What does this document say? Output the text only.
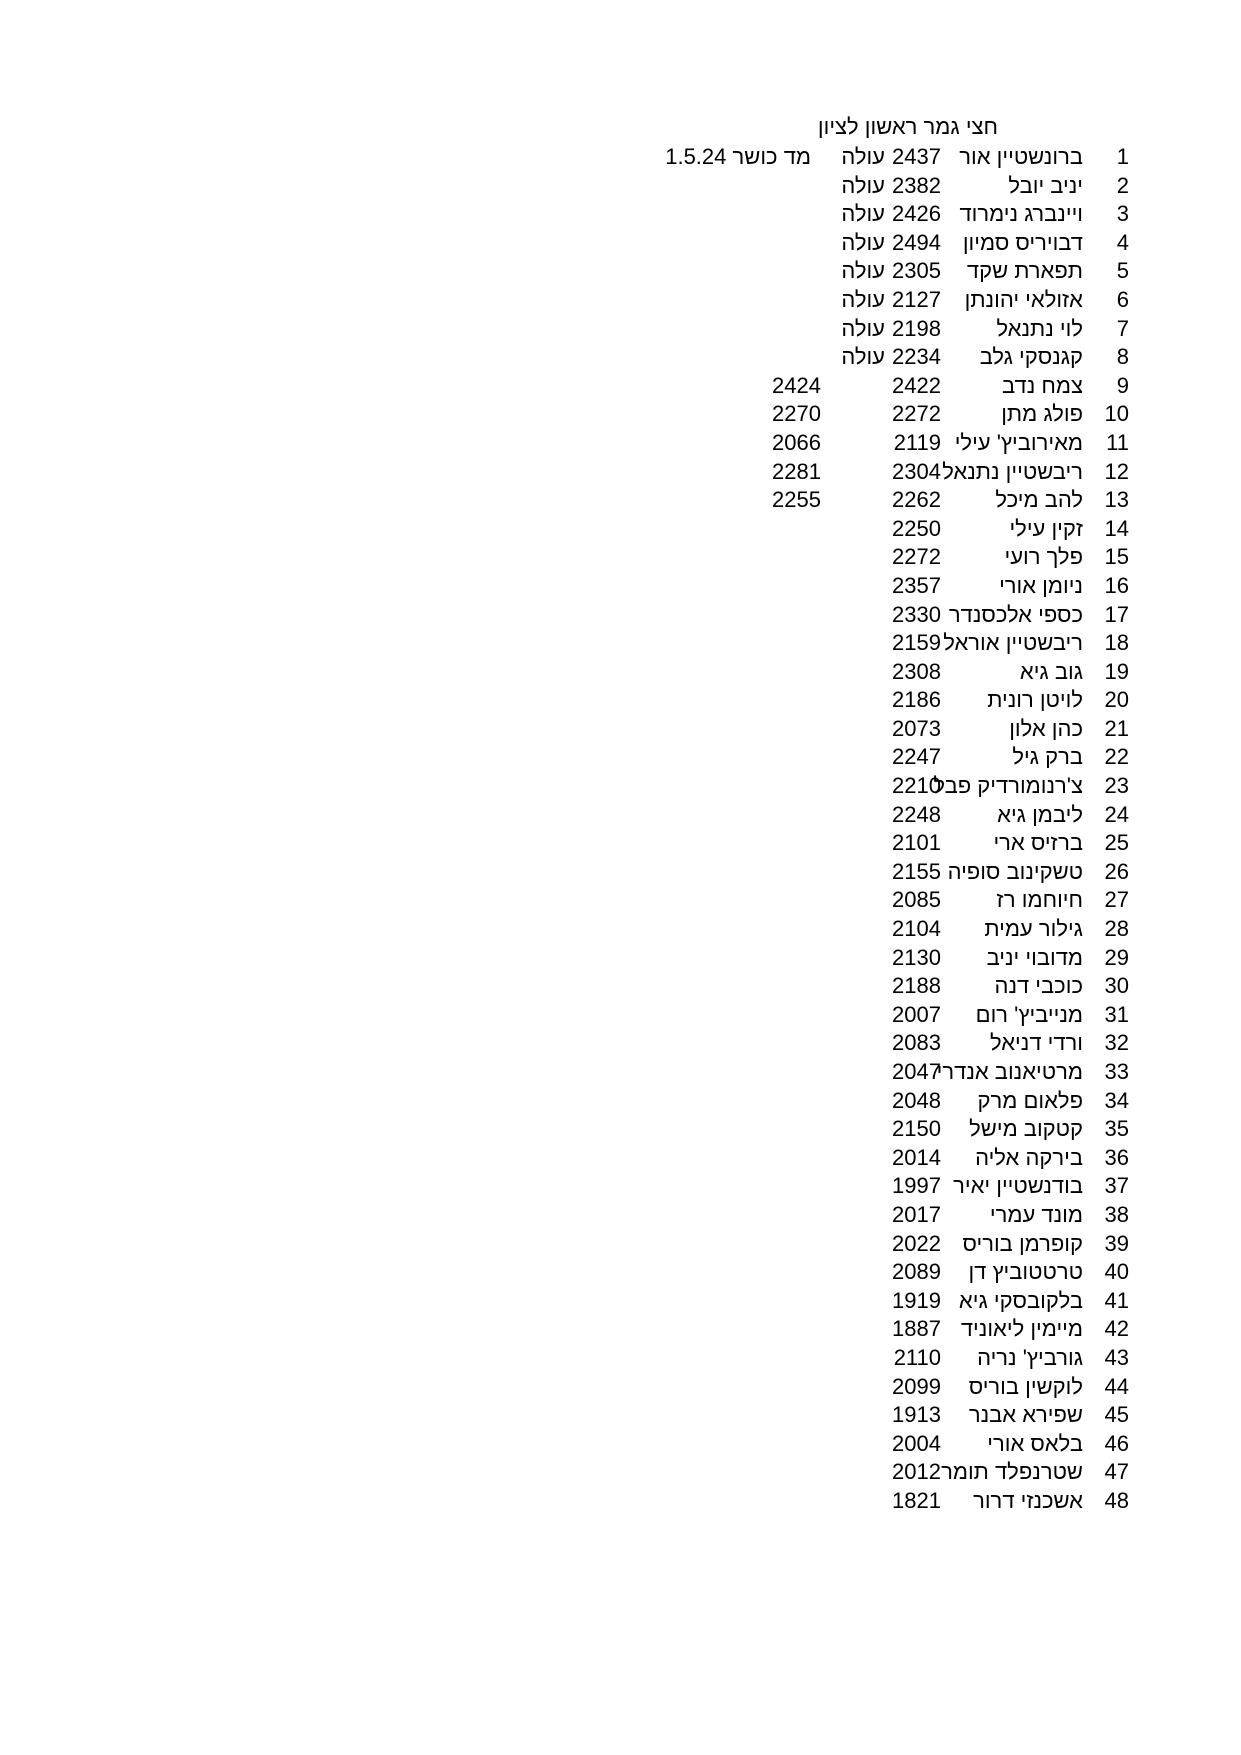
חצי גמר ראשון לציון
1
ברונשטיין אור
2437
עולה
מד כושר 1.5.24
2
יניב יובל
2382
עולה
3
ויינברג נימרוד
2426
עולה
4
דבויריס סמיון
2494
עולה
5
תפארת שקד
2305
עולה
6
אזולאי יהונתן
2127
עולה
7
לוי נתנאל
2198
עולה
8
קגנסקי גלב
2234
עולה
9
צמח נדב
2422
2424
10
פולג מתן
2272
2270
11
מאירוביץ' עילי
2119
2066
12
ריבשטיין נתנאל
2304
2281
13
להב מיכל
2262
2255
14
זקין עילי
2250
15
פלך רועי
2272
16
ניומן אורי
2357
17
כספי אלכסנדר
2330
18
ריבשטיין אוראל
2159
19
גוב גיא
2308
20
לויטן רונית
2186
21
כהן אלון
2073
22
ברק גיל
2247
23
צ'רנומורדיק פבל
2210
24
ליבמן גיא
2248
25
ברזיס ארי
2101
26
טשקינוב סופיה
2155
27
חיוחמו רז
2085
28
גילור עמית
2104
29
מדובוי יניב
2130
30
כוכבי דנה
2188
31
מנייביץ' רום
2007
32
ורדי דניאל
2083
33
מרטיאנוב אנדרי
2047
34
פלאום מרק
2048
35
קטקוב מישל
2150
36
בירקה אליה
2014
37
בודנשטיין יאיר
1997
38
מונד עמרי
2017
39
קופרמן בוריס
2022
40
טרטטוביץ דן
2089
41
בלקובסקי גיא
1919
42
מיימין ליאוניד
1887
43
גורביץ' נריה
2110
44
לוקשין בוריס
2099
45
שפירא אבנר
1913
46
בלאס אורי
2004
47
שטרנפלד תומר
2012
48
אשכנזי דרור
1821
